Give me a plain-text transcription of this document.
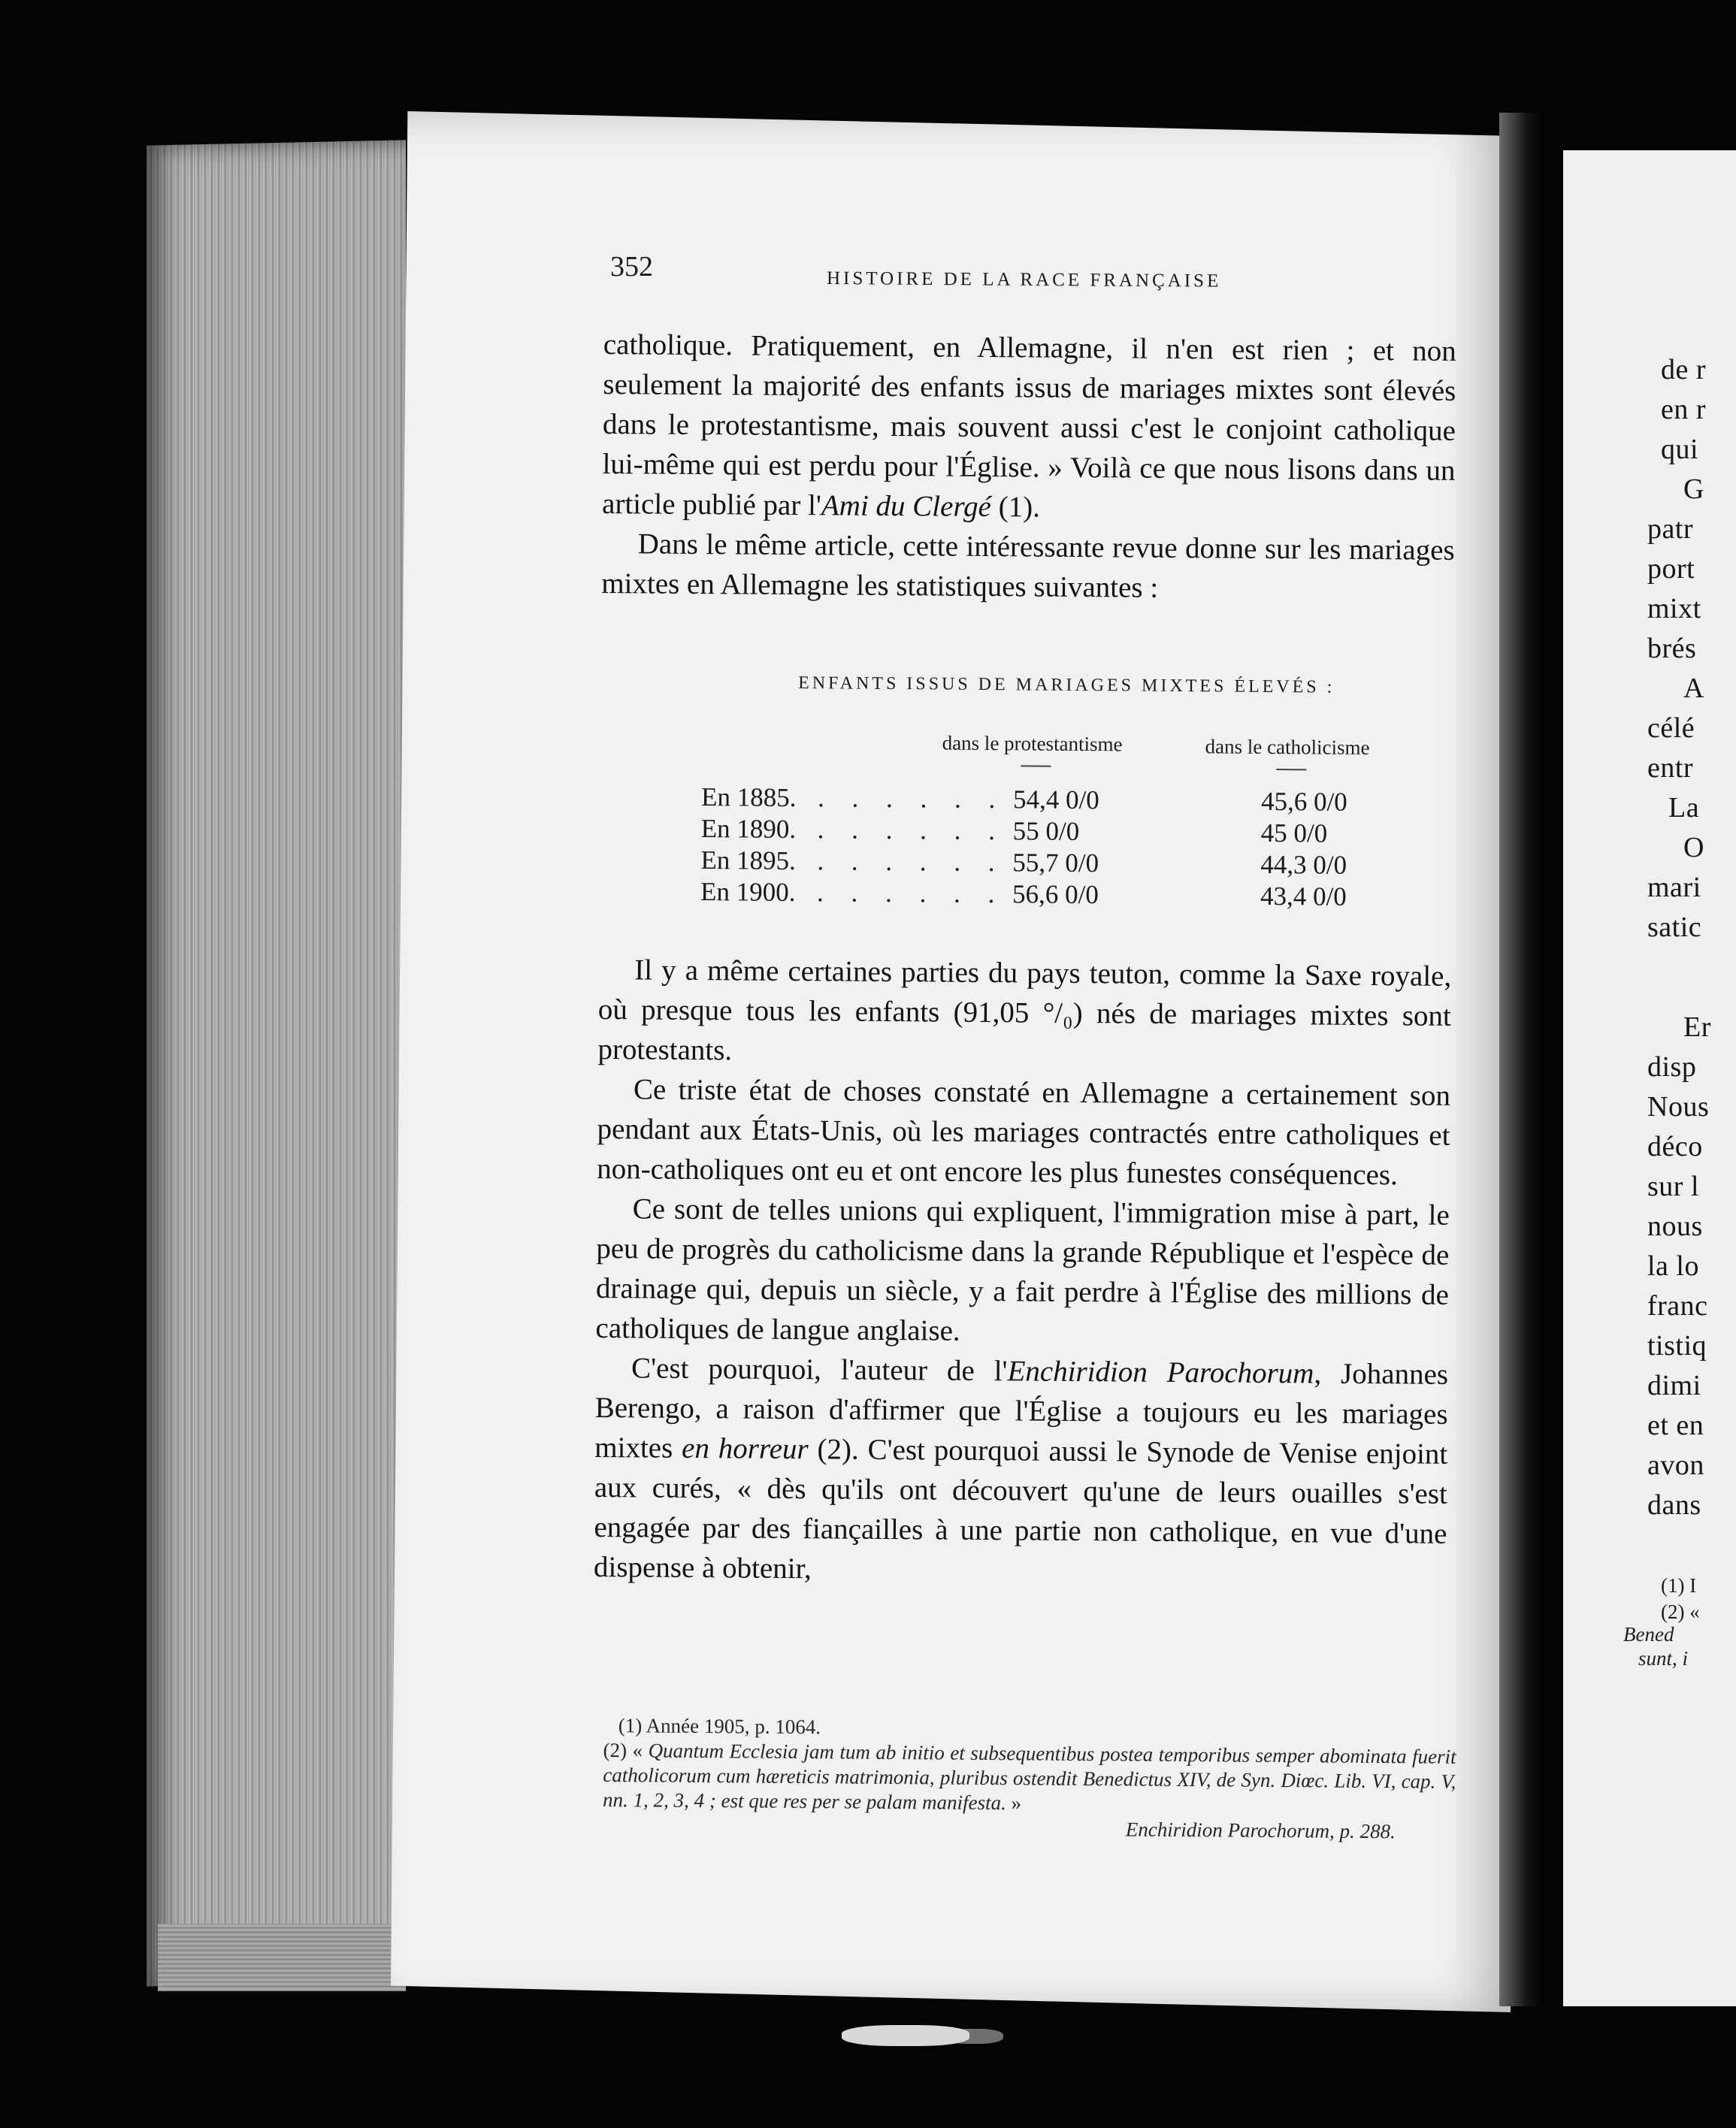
de r
en r
qui
G
patr
port
mixt
brés
A
célé
entr
La
O
mari
satic
Er
disp
Nous
déco
sur l
nous
la lo
franc
tistiq
dimi
et en
avon
dans
(1) I
(2) «
Bened
sunt, i
352	HISTOIRE DE LA RACE FRANÇAISE

catholique. Pratiquement, en Allemagne, il n'en est rien ; et non seulement la majorité des enfants issus de mariages mixtes sont élevés dans le protestantisme, mais souvent aussi c'est le conjoint catholique lui-même qui est perdu pour l'Église. » Voilà ce que nous lisons dans un article publié par l'Ami du Clergé (1).

Dans le même article, cette intéressante revue donne sur les mariages mixtes en Allemagne les statistiques suivantes :

ENFANTS ISSUS DE MARIAGES MIXTES ÉLEVÉS :
dans le protestantisme	dans le catholicisme
En 1885. . . . . . . 54,4 0/0	45,6 0/0
En 1890. . . . . . . 55 0/0	45 0/0
En 1895. . . . . . . 55,7 0/0	44,3 0/0
En 1900. . . . . . . 56,6 0/0	43,4 0/0

Il y a même certaines parties du pays teuton, comme la Saxe royale, où presque tous les enfants (91,05 °/₀) nés de mariages mixtes sont protestants.

Ce triste état de choses constaté en Allemagne a certainement son pendant aux États-Unis, où les mariages contractés entre catholiques et non-catholiques ont eu et ont encore les plus funestes conséquences.

Ce sont de telles unions qui expliquent, l'immigration mise à part, le peu de progrès du catholicisme dans la grande République et l'espèce de drainage qui, depuis un siècle, y a fait perdre à l'Église des millions de catholiques de langue anglaise.

C'est pourquoi, l'auteur de l'Enchiridion Parochorum, Johannes Berengo, a raison d'affirmer que l'Église a toujours eu les mariages mixtes en horreur (2). C'est pourquoi aussi le Synode de Venise enjoint aux curés, « dès qu'ils ont découvert qu'une de leurs ouailles s'est engagée par des fiançailles à une partie non catholique, en vue d'une dispense à obtenir,

(1) Année 1905, p. 1064.

(2) « Quantum Ecclesia jam tum ab initio et subsequentibus postea temporibus semper abominata fuerit catholicorum cum hæreticis matrimonia, pluribus ostendit Benedictus XIV, de Syn. Diœc. Lib. VI, cap. V, nn. 1, 2, 3, 4 ; est que res per se palam manifesta. »

Enchiridion Parochorum, p. 288.
